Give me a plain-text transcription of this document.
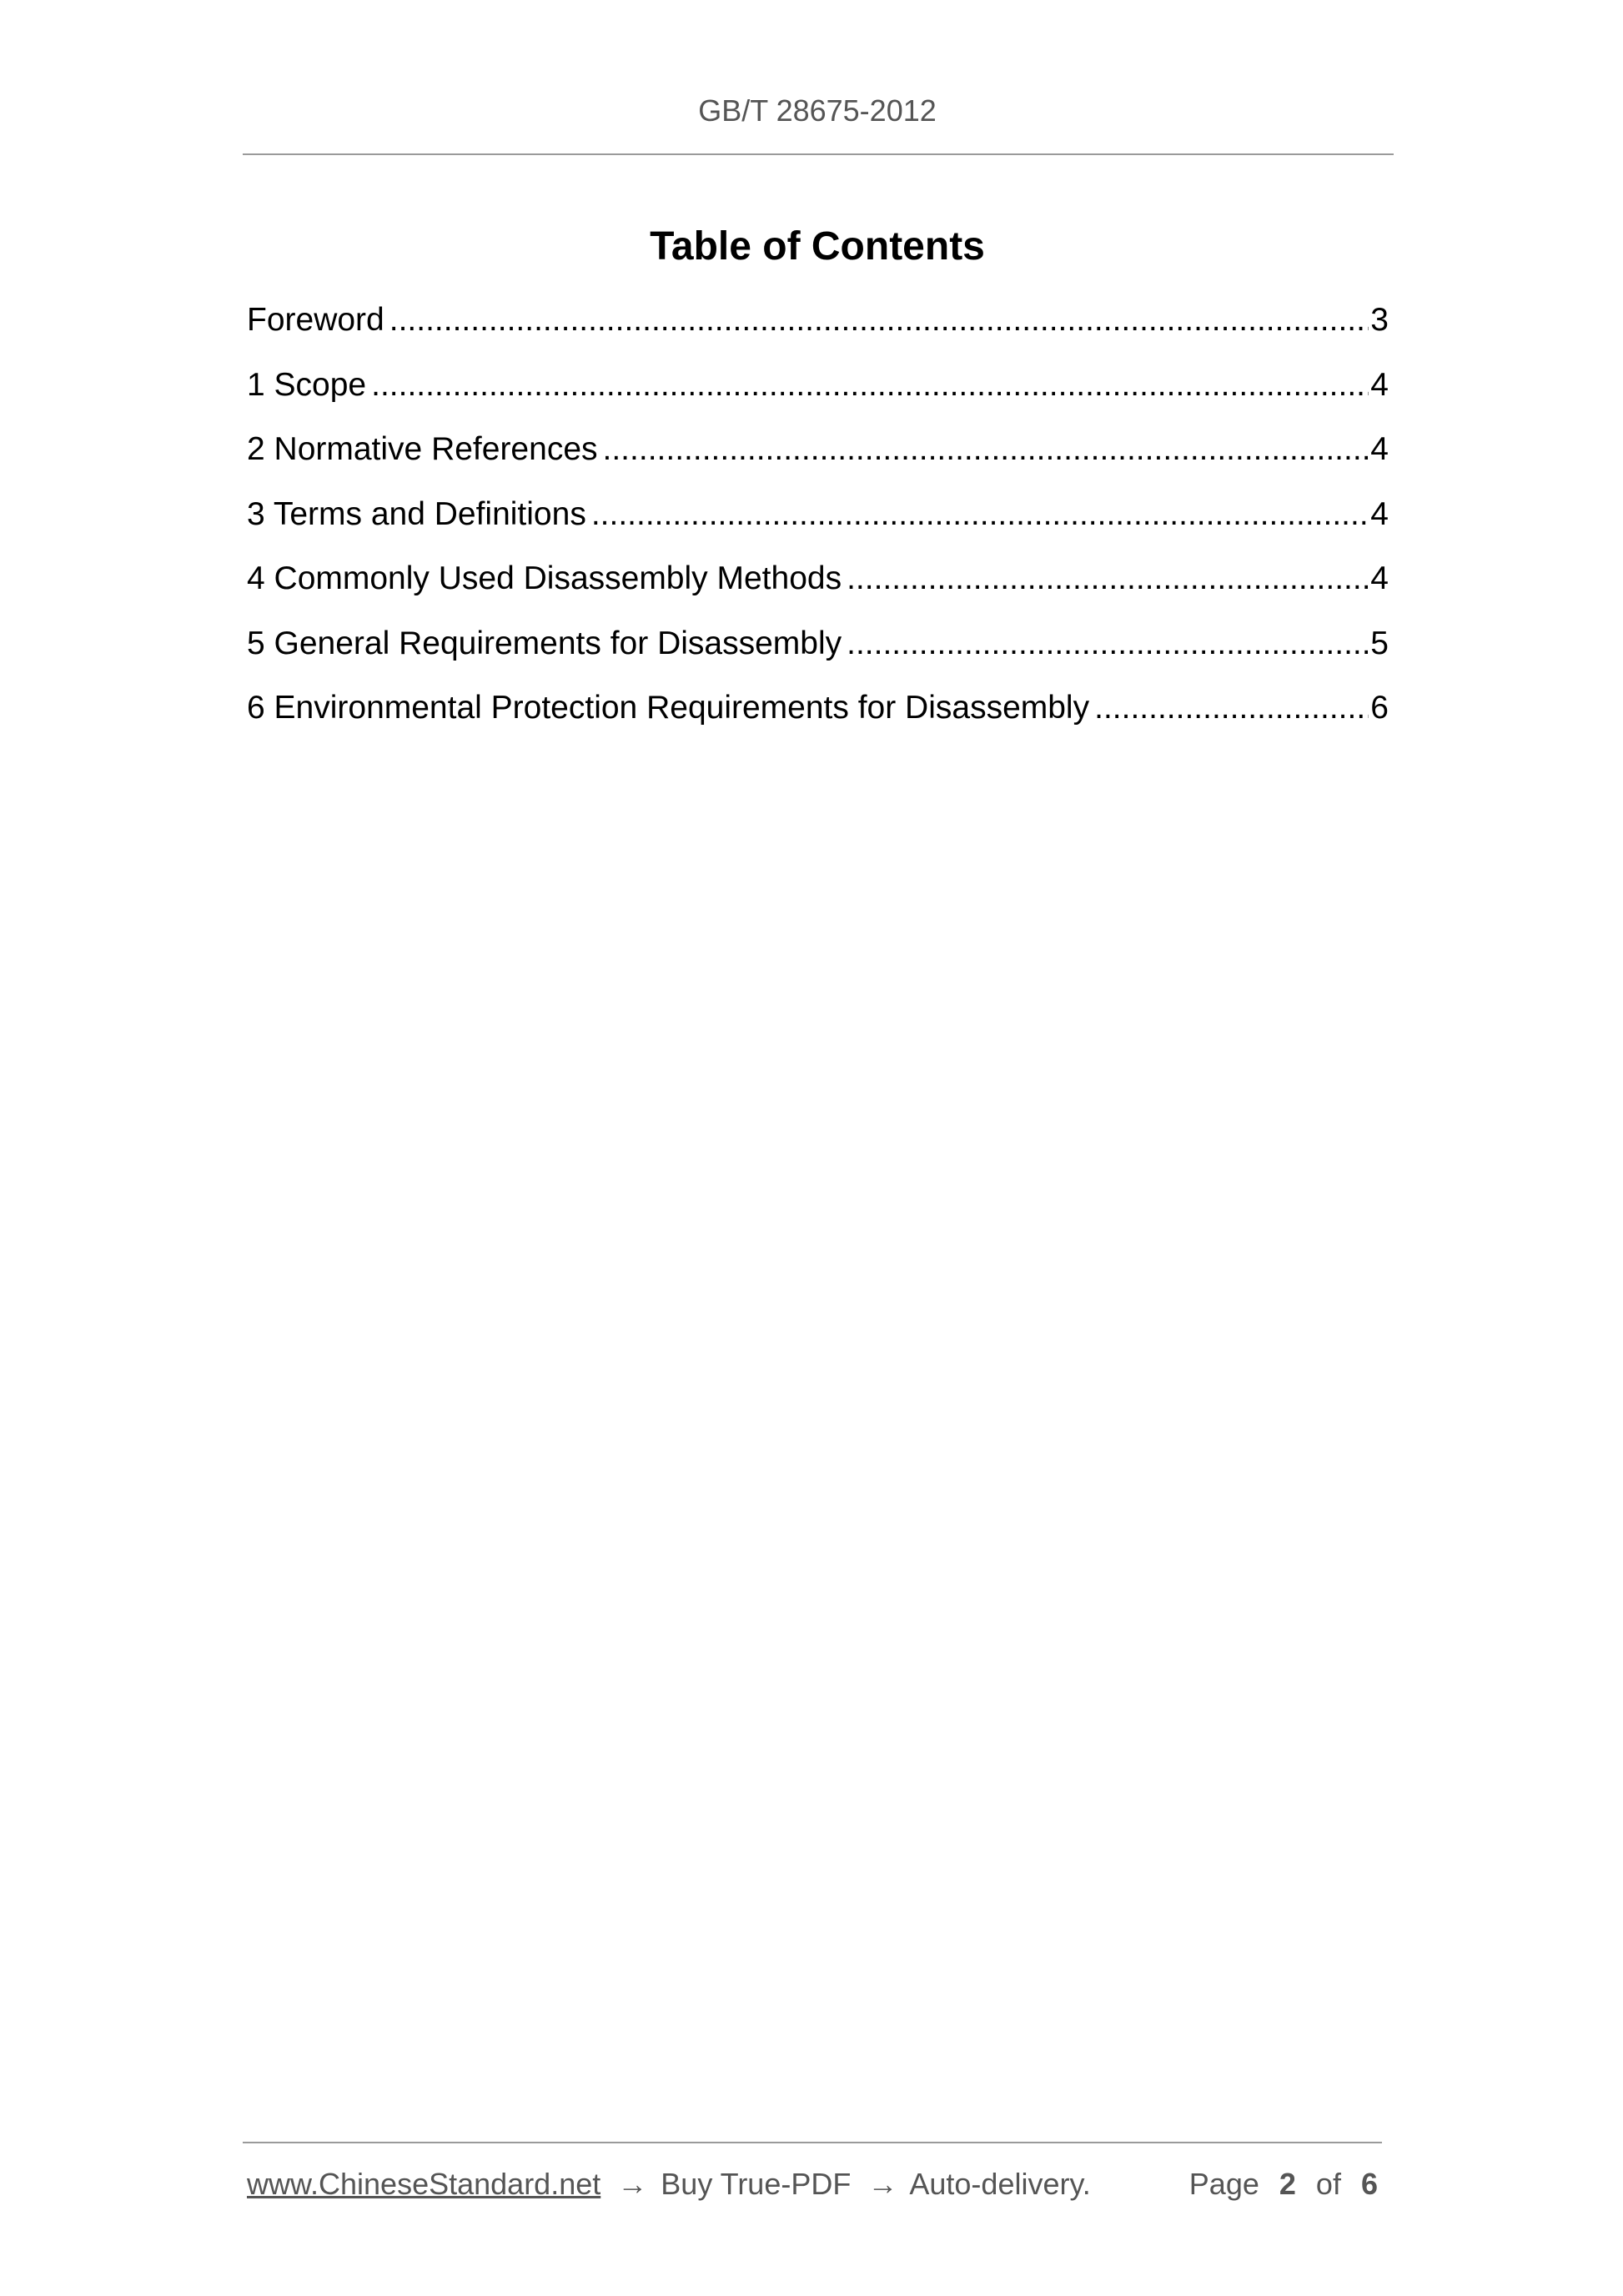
GB/T 28675-2012
Table of Contents
Foreword .....	3
1 Scope .....	4
2 Normative References .....	4
3 Terms and Definitions .....	4
4 Commonly Used Disassembly Methods .....	4
5 General Requirements for Disassembly .....	5
6 Environmental Protection Requirements for Disassembly .....	6
www.ChineseStandard.net → Buy True-PDF → Auto-delivery.	Page 2 of 6
